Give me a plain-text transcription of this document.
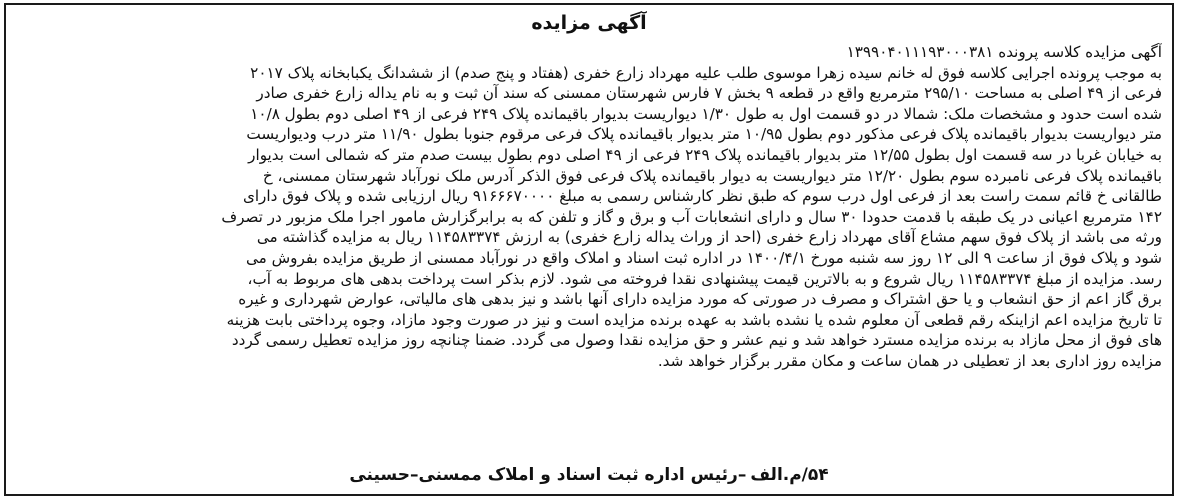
آگهی مزایده
آگهی مزایده کلاسه پرونده ۱۳۹۹۰۴۰۱۱۱۹۳۰۰۰۳۸۱
به موجب پرونده اجرایی کلاسه فوق له خانم سیده زهرا موسوی طلب علیه مهرداد زارع خفری (هفتاد و پنج صدم) از ششدانگ یکبابخانه پلاک ۲۰۱۷
فرعی از ۴۹ اصلی به مساحت ۲۹۵/۱۰ مترمربع واقع در قطعه ۹ بخش ۷ فارس شهرستان ممسنی که سند آن ثبت و به نام یداله زارع خفری صادر
شده است حدود و مشخصات ملک: شمالا در دو قسمت اول به طول ۱/۳۰ دیواریست بدیوار باقیمانده پلاک ۲۴۹ فرعی از ۴۹ اصلی دوم بطول ۱۰/۸
متر دیواریست بدیوار باقیمانده پلاک فرعی مذکور دوم بطول ۱۰/۹۵ متر بدیوار باقیمانده پلاک فرعی مرقوم جنوبا بطول ۱۱/۹۰ متر درب ودیواریست
به خیابان غربا در سه قسمت اول بطول ۱۲/۵۵ متر بدیوار باقیمانده پلاک ۲۴۹ فرعی از ۴۹ اصلی دوم بطول بیست صدم متر که شمالی است بدیوار
باقیمانده پلاک فرعی نامبرده سوم بطول ۱۲/۲۰ متر دیواریست به دیوار باقیمانده پلاک فرعی فوق الذکر آدرس ملک نورآباد شهرستان ممسنی، خ
طالقانی خ قائم سمت راست بعد از فرعی اول درب سوم که طبق نظر کارشناس رسمی به مبلغ ۹۱۶۶۶۷۰۰۰۰ ریال ارزیابی شده و پلاک فوق دارای
۱۴۲ مترمربع اعیانی در یک طبقه با قدمت حدودا ۳۰ سال و دارای انشعابات آب و برق و گاز و تلفن که به برابرگزارش مامور اجرا ملک مزبور در تصرف
ورثه می باشد از پلاک فوق سهم مشاع آقای مهرداد زارع خفری (احد از وراث یداله زارع خفری) به ارزش ۱۱۴۵۸۳۳۷۴ ریال به مزایده گذاشته می
شود و پلاک فوق از ساعت ۹ الی ۱۲ روز سه شنبه مورخ ۱۴۰۰/۴/۱ در اداره ثبت اسناد و املاک واقع در نورآباد ممسنی از طریق مزایده بفروش می
رسد. مزایده از مبلغ ۱۱۴۵۸۳۳۷۴ ریال شروع و به بالاترین قیمت پیشنهادی نقدا فروخته می شود. لازم بذکر است پرداخت بدهی های مربوط به آب،
برق گاز اعم از حق انشعاب و یا حق اشتراک و مصرف در صورتی که مورد مزایده دارای آنها باشد و نیز بدهی های مالیاتی، عوارض شهرداری و غیره
تا تاریخ مزایده اعم ازاینکه رقم قطعی آن معلوم شده یا نشده باشد به عهده برنده مزایده است و نیز در صورت وجود مازاد، وجوه پرداختی بابت هزینه
های فوق از محل مازاد به برنده مزایده مسترد خواهد شد و نیم عشر و حق مزایده نقدا وصول می گردد. ضمنا چنانچه روز مزایده تعطیل رسمی گردد
مزایده روز اداری بعد از تعطیلی در همان ساعت و مکان مقرر برگزار خواهد شد.
۵۴/م.الف–رئیس اداره ثبت اسناد و املاک ممسنی–حسینی
